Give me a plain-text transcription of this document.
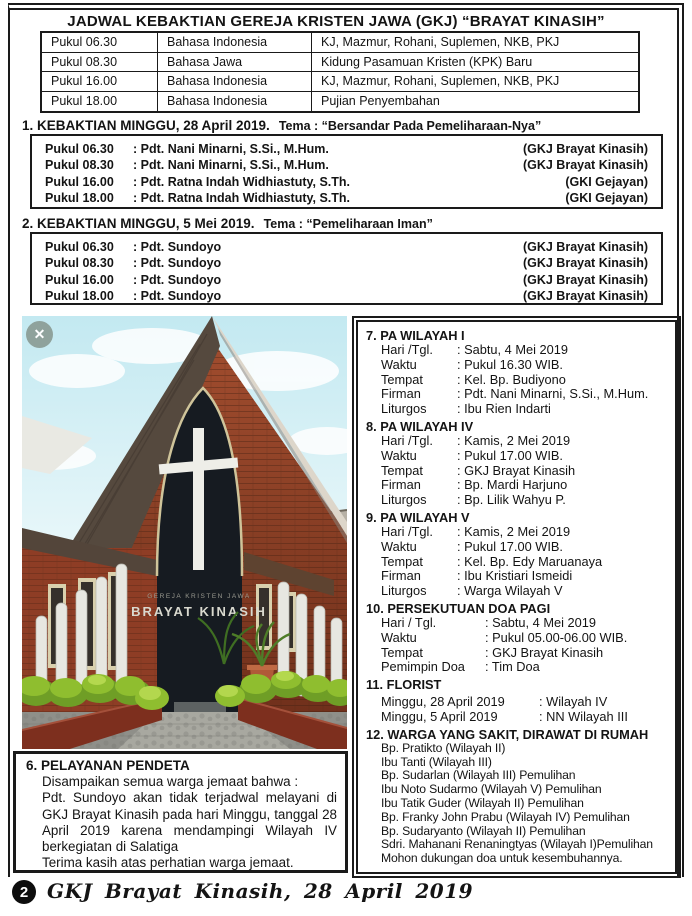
JADWAL KEBAKTIAN GEREJA KRISTEN JAWA (GKJ) “BRAYAT KINASIH”
Pukul 06.30	Bahasa Indonesia	KJ, Mazmur, Rohani, Suplemen, NKB, PKJ
Pukul 08.30	Bahasa Jawa	Kidung Pasamuan Kristen (KPK) Baru
Pukul 16.00	Bahasa Indonesia	KJ, Mazmur, Rohani, Suplemen, NKB, PKJ
Pukul 18.00	Bahasa Indonesia	Pujian Penyembahan
1. KEBAKTIAN MINGGU, 28 April 2019. Tema : “Bersandar Pada Pemeliharaan-Nya”
Pukul 06.30	: Pdt. Nani Minarni, S.Si., M.Hum.	(GKJ Brayat Kinasih)
Pukul 08.30	: Pdt. Nani Minarni, S.Si., M.Hum.	(GKJ Brayat Kinasih)
Pukul 16.00	: Pdt. Ratna Indah Widhiastuty, S.Th.	(GKI Gejayan)
Pukul 18.00	: Pdt. Ratna Indah Widhiastuty, S.Th.	(GKI Gejayan)
2. KEBAKTIAN MINGGU, 5 Mei 2019. Tema : “Pemeliharaan Iman”
Pukul 06.30	: Pdt. Sundoyo	(GKJ Brayat Kinasih)
Pukul 08.30	: Pdt. Sundoyo	(GKJ Brayat Kinasih)
Pukul 16.00	: Pdt. Sundoyo	(GKJ Brayat Kinasih)
Pukul 18.00	: Pdt. Sundoyo	(GKJ Brayat Kinasih)
GEREJA KRISTEN JAWA
BRAYAT KINASIH
✕
6. PELAYANAN PENDETA
Disampaikan semua warga jemaat bahwa :
Pdt. Sundoyo akan tidak terjadwal melayani di GKJ Brayat Kinasih pada hari Minggu, tanggal 28 April 2019 karena mendampingi Wilayah IV berkegiatan di Salatiga
Terima kasih atas perhatian warga jemaat.
7. PA WILAYAH I
Hari /Tgl.	: Sabtu, 4 Mei 2019
Waktu	: Pukul 16.30 WIB.
Tempat	: Kel. Bp. Budiyono
Firman	: Pdt. Nani Minarni, S.Si., M.Hum.
Liturgos	: Ibu Rien Indarti
8. PA WILAYAH IV
Hari /Tgl.	: Kamis, 2 Mei 2019
Waktu	: Pukul 17.00 WIB.
Tempat	: GKJ Brayat Kinasih
Firman	: Bp. Mardi Harjuno
Liturgos	: Bp. Lilik Wahyu P.
9. PA WILAYAH V
Hari /Tgl.	: Kamis, 2 Mei 2019
Waktu	: Pukul 17.00 WIB.
Tempat	: Kel. Bp. Edy Maruanaya
Firman	: Ibu Kristiari Ismeidi
Liturgos	: Warga Wilayah V
10. PERSEKUTUAN DOA PAGI
Hari / Tgl.	: Sabtu, 4 Mei 2019
Waktu	: Pukul 05.00-06.00 WIB.
Tempat	: GKJ Brayat Kinasih
Pemimpin Doa	: Tim Doa
11. FLORIST
Minggu, 28 April 2019	: Wilayah IV
Minggu, 5 April 2019	: NN Wilayah III
12. WARGA YANG SAKIT, DIRAWAT DI RUMAH
Bp. Pratikto (Wilayah II)
Ibu Tanti (Wilayah III)
Bp. Sudarlan (Wilayah III) Pemulihan
Ibu Noto Sudarmo (Wilayah V) Pemulihan
Ibu Tatik Guder (Wilayah II) Pemulihan
Bp. Franky John Prabu (Wilayah IV) Pemulihan
Bp. Sudaryanto (Wilayah II) Pemulihan
Sdri. Mahanani Renaningtyas (Wilayah I)Pemulihan
Mohon dukungan doa untuk kesembuhannya.
2 GKJ Brayat Kinasih, 28 April 2019
